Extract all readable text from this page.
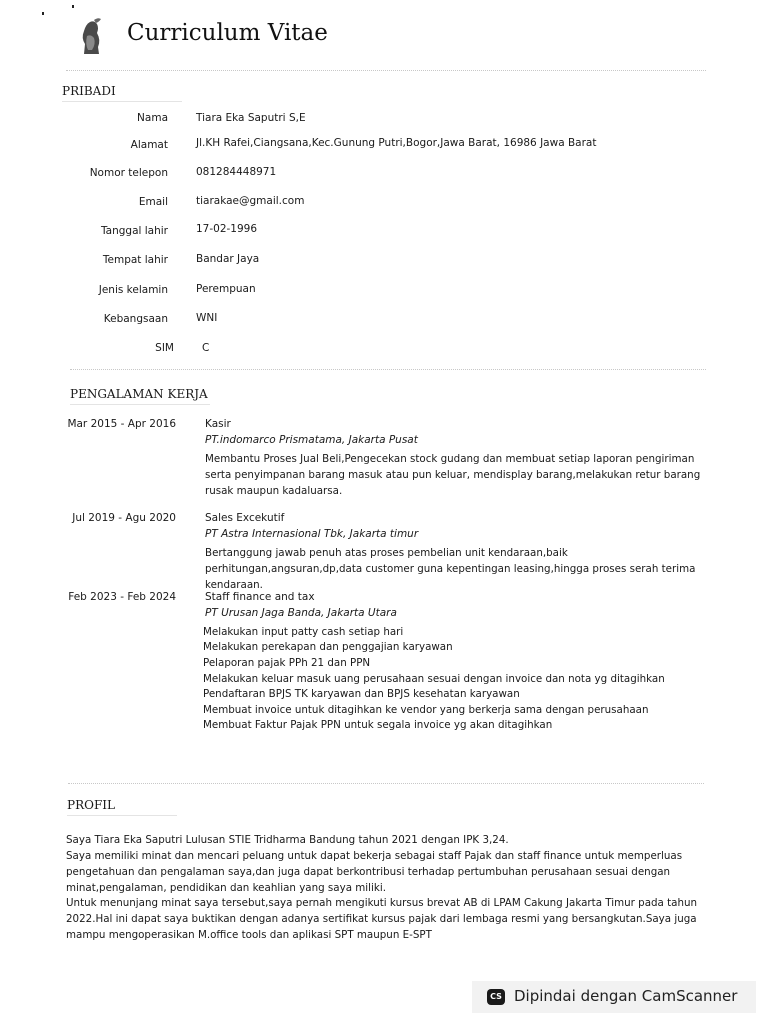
Curriculum Vitae
PRIBADI
Nama	Tiara Eka Saputri S,E
Alamat	Jl.KH Rafei,Ciangsana,Kec.Gunung Putri,Bogor,Jawa Barat, 16986 Jawa Barat
Nomor telepon	081284448971
Email	tiarakae@gmail.com
Tanggal lahir	17-02-1996
Tempat lahir	Bandar Jaya
Jenis kelamin	Perempuan
Kebangsaan	WNI
SIM	C
PENGALAMAN KERJA
Mar 2015 - Apr 2016	Kasir
PT.indomarco Prismatama, Jakarta Pusat
Membantu Proses Jual Beli,Pengecekan stock gudang dan membuat setiap laporan pengiriman serta penyimpanan barang masuk atau pun keluar, mendisplay barang,melakukan retur barang rusak maupun kadaluarsa.
Jul 2019 - Agu 2020	Sales Excekutif
PT Astra Internasional Tbk, Jakarta timur
Bertanggung jawab penuh atas proses pembelian unit kendaraan,baik perhitungan,angsuran,dp,data customer guna kepentingan leasing,hingga proses serah terima kendaraan.
Feb 2023 - Feb 2024	Staff finance and tax
PT Urusan Jaga Banda, Jakarta Utara
Melakukan input patty cash setiap hari
Melakukan perekapan dan penggajian karyawan
Pelaporan pajak PPh 21 dan PPN
Melakukan keluar masuk uang perusahaan sesuai dengan invoice dan nota yg ditagihkan
Pendaftaran BPJS TK karyawan dan BPJS kesehatan karyawan
Membuat invoice untuk ditagihkan ke vendor yang berkerja sama dengan perusahaan
Membuat Faktur Pajak PPN untuk segala invoice yg akan ditagihkan
PROFIL
Saya Tiara Eka Saputri Lulusan STIE Tridharma Bandung tahun 2021 dengan IPK 3,24.
Saya memiliki minat dan mencari peluang untuk dapat bekerja sebagai staff Pajak dan staff finance untuk memperluas pengetahuan dan pengalaman saya,dan juga dapat berkontribusi terhadap pertumbuhan perusahaan sesuai dengan minat,pengalaman, pendidikan dan keahlian yang saya miliki.
Untuk menunjang minat saya tersebut,saya pernah mengikuti kursus brevat AB di LPAM Cakung Jakarta Timur pada tahun 2022.Hal ini dapat saya buktikan dengan adanya sertifikat kursus pajak dari lembaga resmi yang bersangkutan.Saya juga mampu mengoperasikan M.office tools dan aplikasi SPT maupun E-SPT
CS Dipindai dengan CamScanner
